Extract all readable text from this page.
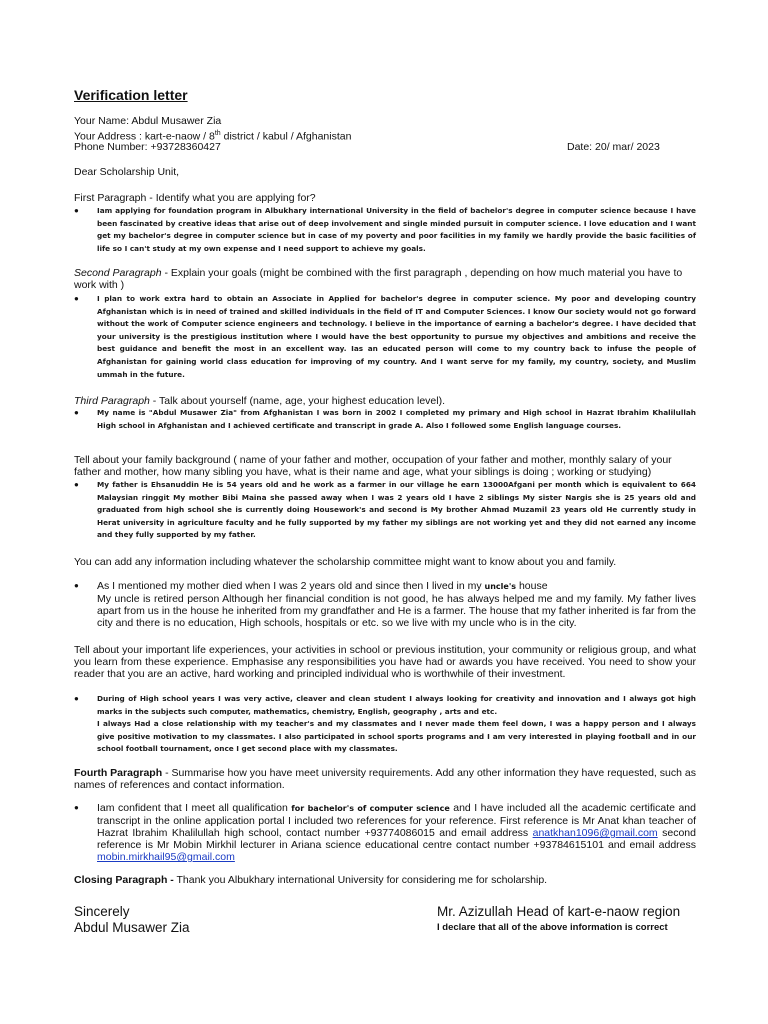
Verification letter
Your Name: Abdul Musawer Zia
Your Address : kart-e-naow / 8th district / kabul / Afghanistan
Phone Number: +93728360427	Date: 20/ mar/ 2023
Dear Scholarship Unit,
First Paragraph - Identify what you are applying for?
●	Iam applying for foundation program in Albukhary international University in the field of bachelor's degree in computer science because I have been fascinated by creative ideas that arise out of deep involvement and single minded pursuit in computer science. I love education and I want get my bachelor's degree in computer science but in case of my poverty and poor facilities in my family we hardly provide the basic facilities of life so I can't study at my own expense and I need support to achieve my goals.
Second Paragraph - Explain your goals (might be combined with the first paragraph , depending on how much material you have to work with )
●	I plan to work extra hard to obtain an Associate in Applied for bachelor's degree in computer science. My poor and developing country Afghanistan which is in need of trained and skilled individuals in the field of IT and Computer Sciences. I know Our society would not go forward without the work of Computer science engineers and technology. I believe in the importance of earning a bachelor's degree. I have decided that your university is the prestigious institution where I would have the best opportunity to pursue my objectives and ambitions and receive the best guidance and benefit the most in an excellent way. Ias an educated person will come to my country back to infuse the people of Afghanistan for gaining world class education for improving of my country. And I want serve for my family, my country, society, and Muslim ummah in the future.
Third Paragraph - Talk about yourself (name, age, your highest education level).
●	My name is "Abdul Musawer Zia" from Afghanistan I was born in 2002 I completed my primary and High school in Hazrat Ibrahim Khalilullah High school in Afghanistan and I achieved certificate and transcript in grade A. Also I followed some English language courses.
Tell about your family background ( name of your father and mother, occupation of your father and mother, monthly salary of your father and mother, how many sibling you have, what is their name and age, what your siblings is doing ; working or studying)
●	My father is Ehsanuddin He is 54 years old and he work as a farmer in our village he earn 13000Afgani per month which is equivalent to 664 Malaysian ringgit My mother Bibi Maina she passed away when I was 2 years old I have 2 siblings My sister Nargis she is 25 years old and graduated from high school she is currently doing Housework's and second is My brother Ahmad Muzamil 23 years old He currently study in Herat university in agriculture faculty and he fully supported by my father my siblings are not working yet and they did not earned any income and they fully supported by my father.
You can add any information including whatever the scholarship committee might want to know about you and family.
●	As I mentioned my mother died when I was 2 years old and since then I lived in my uncle's house
My uncle is retired person Although her financial condition is not good, he has always helped me and my family. My father lives apart from us in the house he inherited from my grandfather and He is a farmer. The house that my father inherited is far from the city and there is no education, High schools, hospitals or etc. so we live with my uncle who is in the city.
Tell about your important life experiences, your activities in school or previous institution, your community or religious group, and what you learn from these experience. Emphasise any responsibilities you have had or awards you have received. You need to show your reader that you are an active, hard working and principled individual who is worthwhile of their investment.
●	During of High school years I was very active, cleaver and clean student I always looking for creativity and innovation and I always got high marks in the subjects such computer, mathematics, chemistry, English, geography , arts and etc.
I always Had a close relationship with my teacher's and my classmates and I never made them feel down, I was a happy person and I always give positive motivation to my classmates. I also participated in school sports programs and I am very interested in playing football and in our school football tournament, once I get second place with my classmates.
Fourth Paragraph - Summarise how you have meet university requirements. Add any other information they have requested, such as names of references and contact information.
●	Iam confident that I meet all qualification for bachelor's of computer science and I have included all the academic certificate and transcript in the online application portal I included two references for your reference. First reference is Mr Anat khan teacher of Hazrat Ibrahim Khalilullah high school, contact number +93774086015 and email address anatkhan1096@gmail.com second reference is Mr Mobin Mirkhil lecturer in Ariana science educational centre contact number +93784615101 and email address mobin.mirkhail95@gmail.com
Closing Paragraph - Thank you Albukhary international University for considering me for scholarship.
Sincerely
Abdul Musawer Zia
Mr. Azizullah Head of kart-e-naow region
I declare that all of the above information is correct
